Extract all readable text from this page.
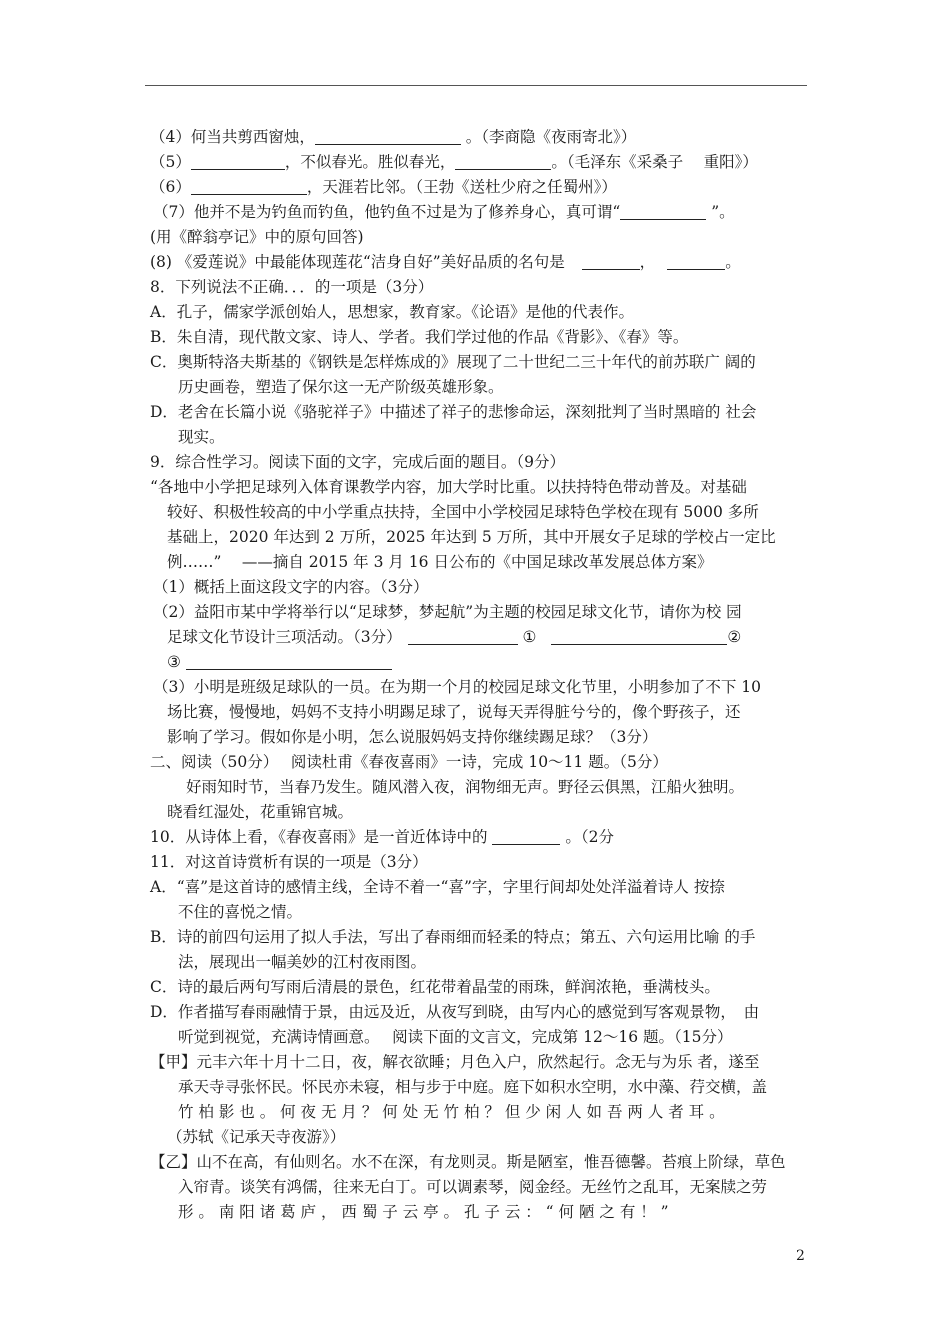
（4）何当共剪西窗烛，	。（李商隐《夜雨寄北》）
（5）	，不似春光。胜似春光，	。（毛泽东《采桑子　 重阳》）
（6）	，天涯若比邻。（王勃《送杜少府之任蜀州》）
（7）他并不是为钓鱼而钓鱼，他钓鱼不过是为了修养身心，真可谓“	”。
(用《醉翁亭记》中的原句回答)
(8) 《爱莲说》中最能体现莲花“洁身自好”美好品质的名句是	，	。
8．下列说法不正确．．．的一项是（3分）
A．孔子，儒家学派创始人，思想家，教育家。《论语》是他的代表作。
B．朱自清，现代散文家、诗人、学者。我们学过他的作品《背影》、《春》等。
C．奥斯特洛夫斯基的《钢铁是怎样炼成的》展现了二十世纪二三十年代的前苏联广 阔的
历史画卷，塑造了保尔这一无产阶级英雄形象。
D．老舍在长篇小说《骆驼祥子》中描述了祥子的悲惨命运，深刻批判了当时黑暗的 社会
现实。
9．综合性学习。阅读下面的文字，完成后面的题目。（9分）
“各地中小学把足球列入体育课教学内容，加大学时比重。以扶持特色带动普及。对基础
较好、积极性较高的中小学重点扶持，全国中小学校园足球特色学校在现有 5000 多所
基础上，2020 年达到 2 万所，2025 年达到 5 万所，其中开展女子足球的学校占一定比
例……”　 ——摘自 2015 年 3 月 16 日公布的《中国足球改革发展总体方案》
（1）概括上面这段文字的内容。（3分）
（2）益阳市某中学将举行以“足球梦，梦起航”为主题的校园足球文化节，请你为校 园
足球文化节设计三项活动。（3分）	①	②
③
（3）小明是班级足球队的一员。在为期一个月的校园足球文化节里，小明参加了不下 10
场比赛，慢慢地，妈妈不支持小明踢足球了，说每天弄得脏兮兮的，像个野孩子，还
影响了学习。假如你是小明，怎么说服妈妈支持你继续踢足球？（3分）
二、阅读（50分）　 阅读杜甫《春夜喜雨》一诗，完成 10～11 题。（5分）
好雨知时节，当春乃发生。随风潜入夜，润物细无声。野径云俱黑，江船火独明。
晓看红湿处，花重锦官城。
10．从诗体上看，《春夜喜雨》是一首近体诗中的	。（2分
11．对这首诗赏析有误的一项是（3分）
A．“喜”是这首诗的感情主线，全诗不着一“喜”字，字里行间却处处洋溢着诗人 按捺
不住的喜悦之情。
B．诗的前四句运用了拟人手法，写出了春雨细而轻柔的特点；第五、六句运用比喻 的手
法，展现出一幅美妙的江村夜雨图。
C．诗的最后两句写雨后清晨的景色，红花带着晶莹的雨珠，鲜润浓艳，垂满枝头。
D．作者描写春雨融情于景，由远及近，从夜写到晓，由写内心的感觉到写客观景物，　由
听觉到视觉，充满诗情画意。　 阅读下面的文言文，完成第 12～16 题。（15分）
【甲】元丰六年十月十二日，夜，解衣欲睡；月色入户，欣然起行。念无与为乐 者，遂至
承天寺寻张怀民。怀民亦未寝，相与步于中庭。庭下如积水空明，水中藻、荇交横，盖
竹 柏 影 也 。 何 夜 无 月 ？ 何 处 无 竹 柏 ？ 但 少 闲 人 如 吾 两 人 者 耳 。
（苏轼《记承天寺夜游》）
【乙】山不在高，有仙则名。水不在深，有龙则灵。斯是陋室，惟吾德馨。苔痕上阶绿，草色
入帘青。谈笑有鸿儒，往来无白丁。可以调素琴，阅金经。无丝竹之乱耳，无案牍之劳
形 。 南 阳 诸 葛 庐 ， 西 蜀 子 云 亭 。 孔 子 云 ： “ 何 陋 之 有 ！ ”
2
